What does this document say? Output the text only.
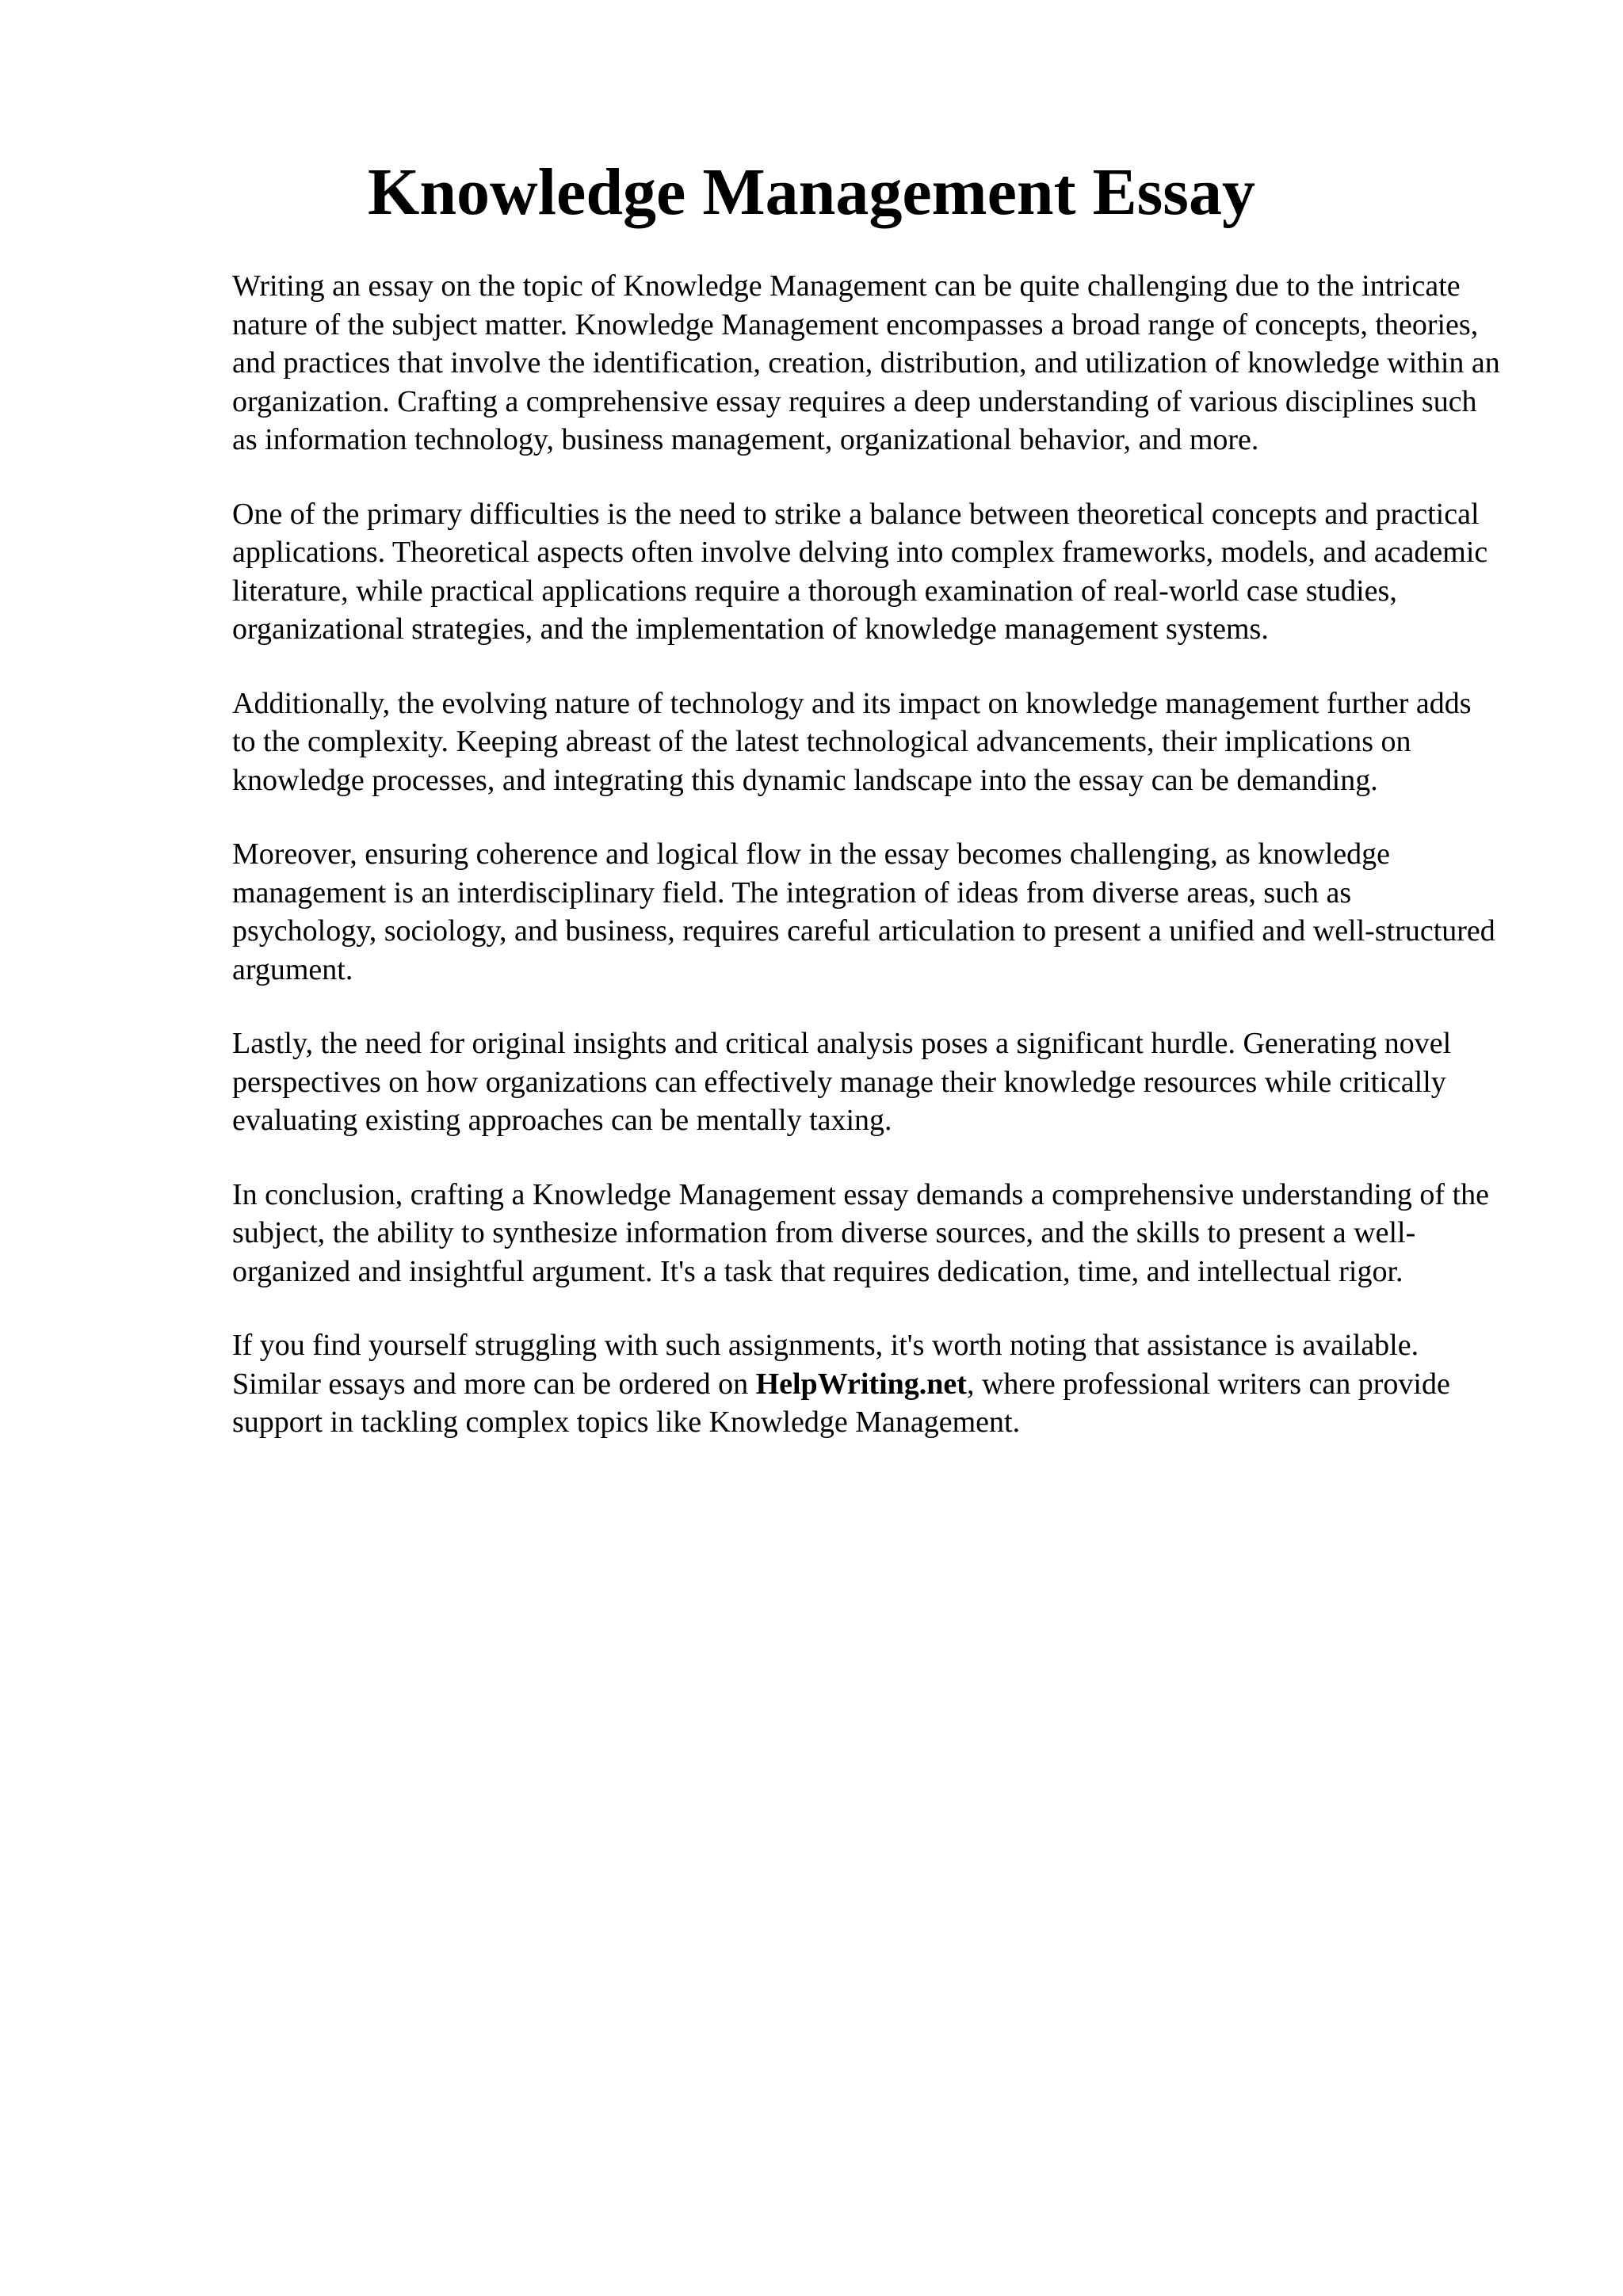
Knowledge Management Essay

Writing an essay on the topic of Knowledge Management can be quite challenging due to the intricate nature of the subject matter. Knowledge Management encompasses a broad range of concepts, theories, and practices that involve the identification, creation, distribution, and utilization of knowledge within an organization. Crafting a comprehensive essay requires a deep understanding of various disciplines such as information technology, business management, organizational behavior, and more.

One of the primary difficulties is the need to strike a balance between theoretical concepts and practical applications. Theoretical aspects often involve delving into complex frameworks, models, and academic literature, while practical applications require a thorough examination of real-world case studies, organizational strategies, and the implementation of knowledge management systems.

Additionally, the evolving nature of technology and its impact on knowledge management further adds to the complexity. Keeping abreast of the latest technological advancements, their implications on knowledge processes, and integrating this dynamic landscape into the essay can be demanding.

Moreover, ensuring coherence and logical flow in the essay becomes challenging, as knowledge management is an interdisciplinary field. The integration of ideas from diverse areas, such as psychology, sociology, and business, requires careful articulation to present a unified and well-structured argument.

Lastly, the need for original insights and critical analysis poses a significant hurdle. Generating novel perspectives on how organizations can effectively manage their knowledge resources while critically evaluating existing approaches can be mentally taxing.

In conclusion, crafting a Knowledge Management essay demands a comprehensive understanding of the subject, the ability to synthesize information from diverse sources, and the skills to present a well-organized and insightful argument. It's a task that requires dedication, time, and intellectual rigor.

If you find yourself struggling with such assignments, it's worth noting that assistance is available. Similar essays and more can be ordered on HelpWriting.net, where professional writers can provide support in tackling complex topics like Knowledge Management.
